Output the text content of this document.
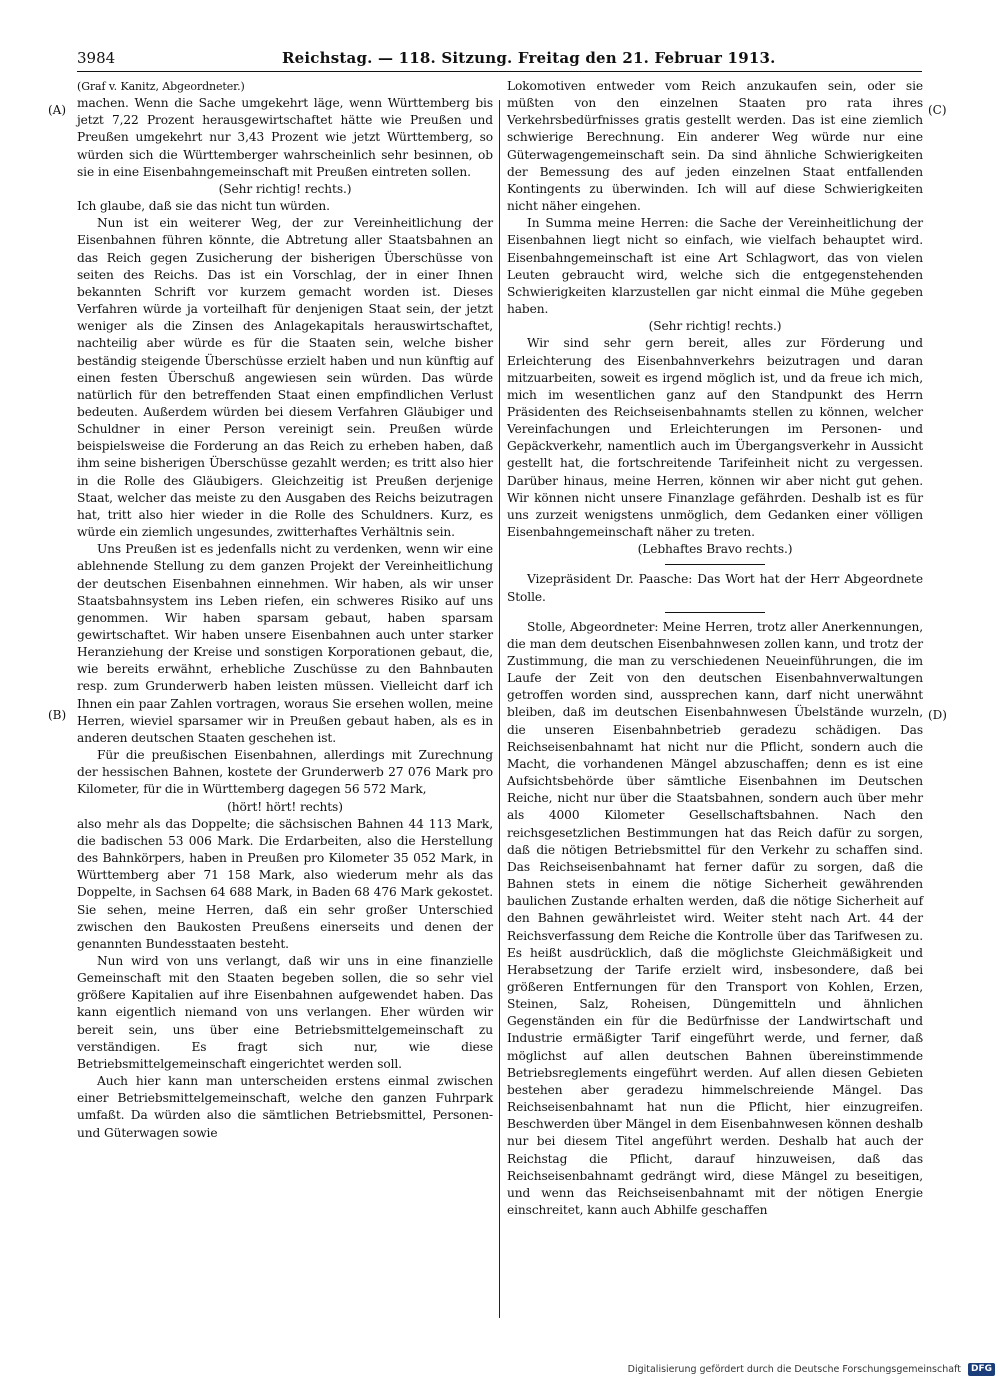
3984	Reichstag. — 118. Sitzung. Freitag den 21. Februar 1913.
(A)
(B)
(C)
(D)

(Graf v. Kanitz, Abgeordneter.)

machen. Wenn die Sache umgekehrt läge, wenn Württemberg bis jetzt 7,22 Prozent herausgewirtschaftet hätte wie Preußen und Preußen umgekehrt nur 3,43 Prozent wie jetzt Württemberg, so würden sich die Württemberger wahrscheinlich sehr besinnen, ob sie in eine Eisenbahngemeinschaft mit Preußen eintreten sollen.

(Sehr richtig! rechts.)

Ich glaube, daß sie das nicht tun würden.

Nun ist ein weiterer Weg, der zur Vereinheitlichung der Eisenbahnen führen könnte, die Abtretung aller Staatsbahnen an das Reich gegen Zusicherung der bisherigen Überschüsse von seiten des Reichs. Das ist ein Vorschlag, der in einer Ihnen bekannten Schrift vor kurzem gemacht worden ist. Dieses Verfahren würde ja vorteilhaft für denjenigen Staat sein, der jetzt weniger als die Zinsen des Anlagekapitals herauswirtschaftet, nachteilig aber würde es für die Staaten sein, welche bisher beständig steigende Überschüsse erzielt haben und nun künftig auf einen festen Überschuß angewiesen sein würden. Das würde natürlich für den betreffenden Staat einen empfindlichen Verlust bedeuten. Außerdem würden bei diesem Verfahren Gläubiger und Schuldner in einer Person vereinigt sein. Preußen würde beispielsweise die Forderung an das Reich zu erheben haben, daß ihm seine bisherigen Überschüsse gezahlt werden; es tritt also hier in die Rolle des Gläubigers. Gleichzeitig ist Preußen derjenige Staat, welcher das meiste zu den Ausgaben des Reichs beizutragen hat, tritt also hier wieder in die Rolle des Schuldners. Kurz, es würde ein ziemlich ungesundes, zwitterhaftes Verhältnis sein.

Uns Preußen ist es jedenfalls nicht zu verdenken, wenn wir eine ablehnende Stellung zu dem ganzen Projekt der Vereinheitlichung der deutschen Eisenbahnen einnehmen. Wir haben, als wir unser Staatsbahnsystem ins Leben riefen, ein schweres Risiko auf uns genommen. Wir haben sparsam gebaut, haben sparsam gewirtschaftet. Wir haben unsere Eisenbahnen auch unter starker Heranziehung der Kreise und sonstigen Korporationen gebaut, die, wie bereits erwähnt, erhebliche Zuschüsse zu den Bahnbauten resp. zum Grunderwerb haben leisten müssen. Vielleicht darf ich Ihnen ein paar Zahlen vortragen, woraus Sie ersehen wollen, meine Herren, wieviel sparsamer wir in Preußen gebaut haben, als es in anderen deutschen Staaten geschehen ist.

Für die preußischen Eisenbahnen, allerdings mit Zurechnung der hessischen Bahnen, kostete der Grunderwerb 27 076 Mark pro Kilometer, für die in Württemberg dagegen 56 572 Mark,

(hört! hört! rechts)

also mehr als das Doppelte; die sächsischen Bahnen 44 113 Mark, die badischen 53 006 Mark. Die Erdarbeiten, also die Herstellung des Bahnkörpers, haben in Preußen pro Kilometer 35 052 Mark, in Württemberg aber 71 158 Mark, also wiederum mehr als das Doppelte, in Sachsen 64 688 Mark, in Baden 68 476 Mark gekostet. Sie sehen, meine Herren, daß ein sehr großer Unterschied zwischen den Baukosten Preußens einerseits und denen der genannten Bundesstaaten besteht.

Nun wird von uns verlangt, daß wir uns in eine finanzielle Gemeinschaft mit den Staaten begeben sollen, die so sehr viel größere Kapitalien auf ihre Eisenbahnen aufgewendet haben. Das kann eigentlich niemand von uns verlangen. Eher würden wir bereit sein, uns über eine Betriebsmittelgemeinschaft zu verständigen. Es fragt sich nur, wie diese Betriebsmittelgemeinschaft eingerichtet werden soll.

Auch hier kann man unterscheiden erstens einmal zwischen einer Betriebsmittelgemeinschaft, welche den ganzen Fuhrpark umfaßt. Da würden also die sämtlichen Betriebsmittel, Personen- und Güterwagen sowie

Lokomotiven entweder vom Reich anzukaufen sein, oder sie müßten von den einzelnen Staaten pro rata ihres Verkehrsbedürfnisses gratis gestellt werden. Das ist eine ziemlich schwierige Berechnung. Ein anderer Weg würde nur eine Güterwagengemeinschaft sein. Da sind ähnliche Schwierigkeiten der Bemessung des auf jeden einzelnen Staat entfallenden Kontingents zu überwinden. Ich will auf diese Schwierigkeiten nicht näher eingehen.

In Summa meine Herren: die Sache der Vereinheitlichung der Eisenbahnen liegt nicht so einfach, wie vielfach behauptet wird. Eisenbahngemeinschaft ist eine Art Schlagwort, das von vielen Leuten gebraucht wird, welche sich die entgegenstehenden Schwierigkeiten klarzustellen gar nicht einmal die Mühe gegeben haben.

(Sehr richtig! rechts.)

Wir sind sehr gern bereit, alles zur Förderung und Erleichterung des Eisenbahnverkehrs beizutragen und daran mitzuarbeiten, soweit es irgend möglich ist, und da freue ich mich, mich im wesentlichen ganz auf den Standpunkt des Herrn Präsidenten des Reichseisenbahnamts stellen zu können, welcher Vereinfachungen und Erleichterungen im Personen- und Gepäckverkehr, namentlich auch im Übergangsverkehr in Aussicht gestellt hat, die fortschreitende Tarifeinheit nicht zu vergessen. Darüber hinaus, meine Herren, können wir aber nicht gut gehen. Wir können nicht unsere Finanzlage gefährden. Deshalb ist es für uns zurzeit wenigstens unmöglich, dem Gedanken einer völligen Eisenbahngemeinschaft näher zu treten.

(Lebhaftes Bravo rechts.)

Vizepräsident Dr. Paasche: Das Wort hat der Herr Abgeordnete Stolle.

Stolle, Abgeordneter: Meine Herren, trotz aller Anerkennungen, die man dem deutschen Eisenbahnwesen zollen kann, und trotz der Zustimmung, die man zu verschiedenen Neueinführungen, die im Laufe der Zeit von den deutschen Eisenbahnverwaltungen getroffen worden sind, aussprechen kann, darf nicht unerwähnt bleiben, daß im deutschen Eisenbahnwesen Übelstände wurzeln, die unseren Eisenbahnbetrieb geradezu schädigen. Das Reichseisenbahnamt hat nicht nur die Pflicht, sondern auch die Macht, die vorhandenen Mängel abzuschaffen; denn es ist eine Aufsichtsbehörde über sämtliche Eisenbahnen im Deutschen Reiche, nicht nur über die Staatsbahnen, sondern auch über mehr als 4000 Kilometer Gesellschaftsbahnen. Nach den reichsgesetzlichen Bestimmungen hat das Reich dafür zu sorgen, daß die nötigen Betriebsmittel für den Verkehr zu schaffen sind. Das Reichseisenbahnamt hat ferner dafür zu sorgen, daß die Bahnen stets in einem die nötige Sicherheit gewährenden baulichen Zustande erhalten werden, daß die nötige Sicherheit auf den Bahnen gewährleistet wird. Weiter steht nach Art. 44 der Reichsverfassung dem Reiche die Kontrolle über das Tarifwesen zu. Es heißt ausdrücklich, daß die möglichste Gleichmäßigkeit und Herabsetzung der Tarife erzielt wird, insbesondere, daß bei größeren Entfernungen für den Transport von Kohlen, Erzen, Steinen, Salz, Roheisen, Düngemitteln und ähnlichen Gegenständen ein für die Bedürfnisse der Landwirtschaft und Industrie ermäßigter Tarif eingeführt werde, und ferner, daß möglichst auf allen deutschen Bahnen übereinstimmende Betriebsreglements eingeführt werden. Auf allen diesen Gebieten bestehen aber geradezu himmelschreiende Mängel. Das Reichseisenbahnamt hat nun die Pflicht, hier einzugreifen. Beschwerden über Mängel in dem Eisenbahnwesen können deshalb nur bei diesem Titel angeführt werden. Deshalb hat auch der Reichstag die Pflicht, darauf hinzuweisen, daß das Reichseisenbahnamt gedrängt wird, diese Mängel zu beseitigen, und wenn das Reichseisenbahnamt mit der nötigen Energie einschreitet, kann auch Abhilfe geschaffen

Digitalisierung gefördert durch die Deutsche Forschungsgemeinschaft DFG
